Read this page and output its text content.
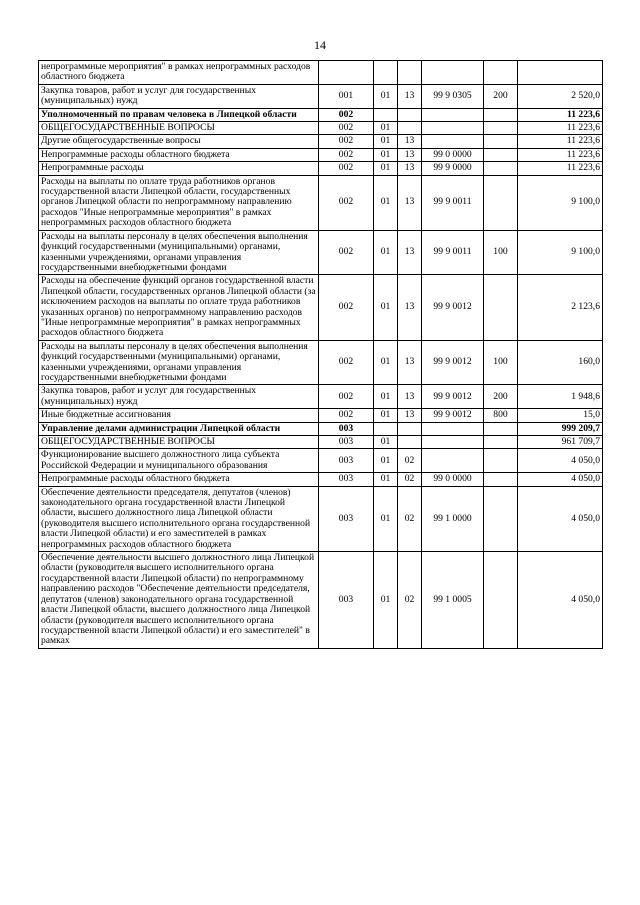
14
непрограммные мероприятия" в рамках непрограммных расходов областного бюджета						
Закупка товаров, работ и услуг для государственных (муниципальных) нужд	001	01	13	99 9 0305	200	2 520,0
Уполномоченный по правам человека в Липецкой области	002					11 223,6
ОБЩЕГОСУДАРСТВЕННЫЕ ВОПРОСЫ	002	01				11 223,6
Другие общегосударственные вопросы	002	01	13			11 223,6
Непрограммные расходы областного бюджета	002	01	13	99 0 0000		11 223,6
Непрограммные расходы	002	01	13	99 9 0000		11 223,6
Расходы на выплаты по оплате труда работников органов государственной власти Липецкой области, государственных органов Липецкой области по непрограммному направлению расходов "Иные непрограммные мероприятия" в рамках непрограммных расходов областного бюджета	002	01	13	99 9 0011		9 100,0
Расходы на выплаты персоналу в целях обеспечения выполнения функций государственными (муниципальными) органами, казенными учреждениями, органами управления государственными внебюджетными фондами	002	01	13	99 9 0011	100	9 100,0
Расходы на обеспечение функций органов государственной власти Липецкой области, государственных органов Липецкой области (за исключением расходов на выплаты по оплате труда работников указанных органов) по непрограммному направлению расходов "Иные непрограммные мероприятия" в рамках непрограммных расходов областного бюджета	002	01	13	99 9 0012		2 123,6
Расходы на выплаты персоналу в целях обеспечения выполнения функций государственными (муниципальными) органами, казенными учреждениями, органами управления государственными внебюджетными фондами	002	01	13	99 9 0012	100	160,0
Закупка товаров, работ и услуг для государственных (муниципальных) нужд	002	01	13	99 9 0012	200	1 948,6
Иные бюджетные ассигнования	002	01	13	99 9 0012	800	15,0
Управление делами администрации Липецкой области	003					999 209,7
ОБЩЕГОСУДАРСТВЕННЫЕ ВОПРОСЫ	003	01				961 709,7
Функционирование высшего должностного лица субъекта Российской Федерации и муниципального образования	003	01	02			4 050,0
Непрограммные расходы областного бюджета	003	01	02	99 0 0000		4 050,0
Обеспечение деятельности председателя, депутатов (членов) законодательного органа государственной власти Липецкой области, высшего должностного лица Липецкой области (руководителя высшего исполнительного органа государственной власти Липецкой области) и его заместителей в рамках непрограммных расходов областного бюджета	003	01	02	99 1 0000		4 050,0
Обеспечение деятельности высшего должностного лица Липецкой области (руководителя высшего исполнительного органа государственной власти Липецкой области) по непрограммному направлению расходов "Обеспечение деятельности председателя, депутатов (членов) законодательного органа государственной власти Липецкой области, высшего должностного лица Липецкой области (руководителя высшего исполнительного органа государственной власти Липецкой области) и его заместителей" в рамках	003	01	02	99 1 0005		4 050,0
